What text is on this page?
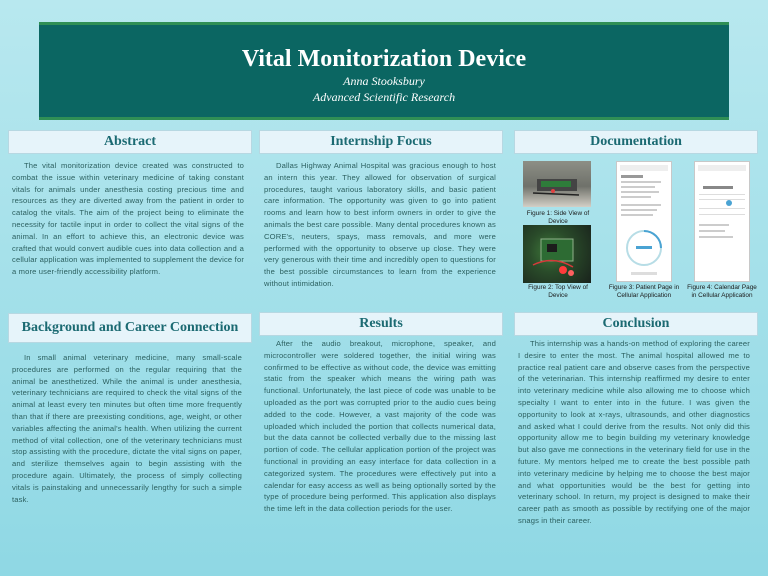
Vital Monitorization Device
Anna Stooksbury
Advanced Scientific Research
Abstract

The vital monitorization device created was constructed to combat the issue within veterinary medicine of taking constant vitals for animals under anesthesia costing precious time and resources as they are diverted away from the patient in order to catalog the vitals. The aim of the project being to eliminate the necessity for tactile input in order to collect the vital signs of the animal. In an effort to achieve this, an electronic device was crafted that would convert audible cues into data collection and a cellular application was implemented to supplement the device for a more user-friendly accessibility platform.

Background and Career Connection

In small animal veterinary medicine, many small-scale procedures are performed on the regular requiring that the animal be anesthetized. While the animal is under anesthesia, veterinary technicians are required to check the vital signs of the animal at least every ten minutes but often time more frequently than that if there are preexisting conditions, age, weight, or other variables affecting the animal's health. When utilizing the current method of vital collection, one of the veterinary technicians must stop assisting with the procedure, dictate the vital signs on paper, and sterilize themselves again to begin assisting with the procedure again. Ultimately, the process of simply collecting vitals is painstaking and unnecessarily lengthy for such a simple task.

Internship Focus

Dallas Highway Animal Hospital was gracious enough to host an intern this year. They allowed for observation of surgical procedures, taught various laboratory skills, and basic patient care information. The opportunity was given to go into patient rooms and learn how to best inform owners in order to give the animals the best care possible. Many dental procedures known as CORE's, neuters, spays, mass removals, and more were performed with the opportunity to observe up close. They were very generous with their time and incredibly open to questions for the best possible circumstances to learn from the experience without intimidation.

Results

After the audio breakout, microphone, speaker, and microcontroller were soldered together, the initial wiring was confirmed to be effective as without code, the device was emitting static from the speaker which means the wiring path was functional. Unfortunately, the last piece of code was unable to be uploaded as the port was corrupted prior to the audio cues being added to the code. However, a vast majority of the code was uploaded which included the portion that collects numerical data, but the data cannot be collected verbally due to the missing last portion of code. The cellular application portion of the project was functional in providing an easy interface for data collection in a categorized system. The procedures were effectively put into a calendar for easy access as well as being optionally sorted by the type of procedure being performed. This application also displays the time left in the data collection periods for the user.

Documentation
Figure 1: Side View of Device
Figure 2: Top View of Device
Figure 3: Patient Page in Cellular Application
Figure 4: Calendar Page in Cellular Application
Conclusion

This internship was a hands-on method of exploring the career I desire to enter the most. The animal hospital allowed me to practice real patient care and observe cases from the perspective of the veterinarian. This internship reaffirmed my desire to enter into veterinary medicine while also allowing me to choose which specialty I want to enter into in the future. I was given the opportunity to look at x-rays, ultrasounds, and other diagnostics and asked what I could derive from the results. Not only did this opportunity allow me to begin building my veterinary knowledge but also gave me connections in the veterinary field for use in the future. My mentors helped me to create the best possible path into veterinary medicine by helping me to choose the best major and what opportunities would be the best for getting into veterinary school. In return, my project is designed to make their career path as smooth as possible by rectifying one of the major snags in their career.
